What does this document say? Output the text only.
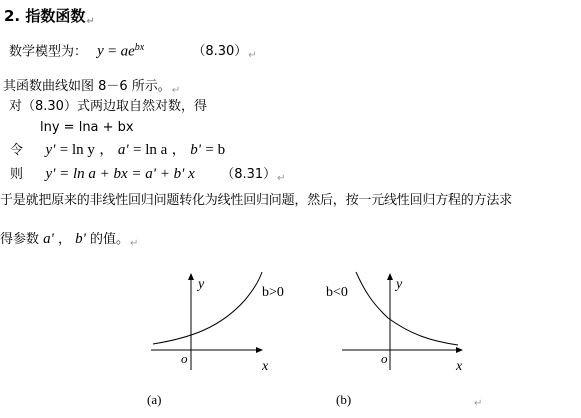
2. 指数函数$_↵$
数学模型为： $y = ae^{bx}$	$(8.30)_↵$
其函数曲线如图 8－6 所示。$_↵$
对（8.30）式两边取自然对数，得
lny = lna + bx
令 y' = ln y ， a' = ln a ， b' = b
则 y' = ln a + bx = a' + b' x $(8.31)_↵$
于是就把原来的非线性回归问题转化为线性回归问题，然后，按一元线性回归方程的方法求
得参数 a' ， b' 的值。$_↵$
y
x
o
b>0
(a)
y
x
o
b<0
(b)	↵
